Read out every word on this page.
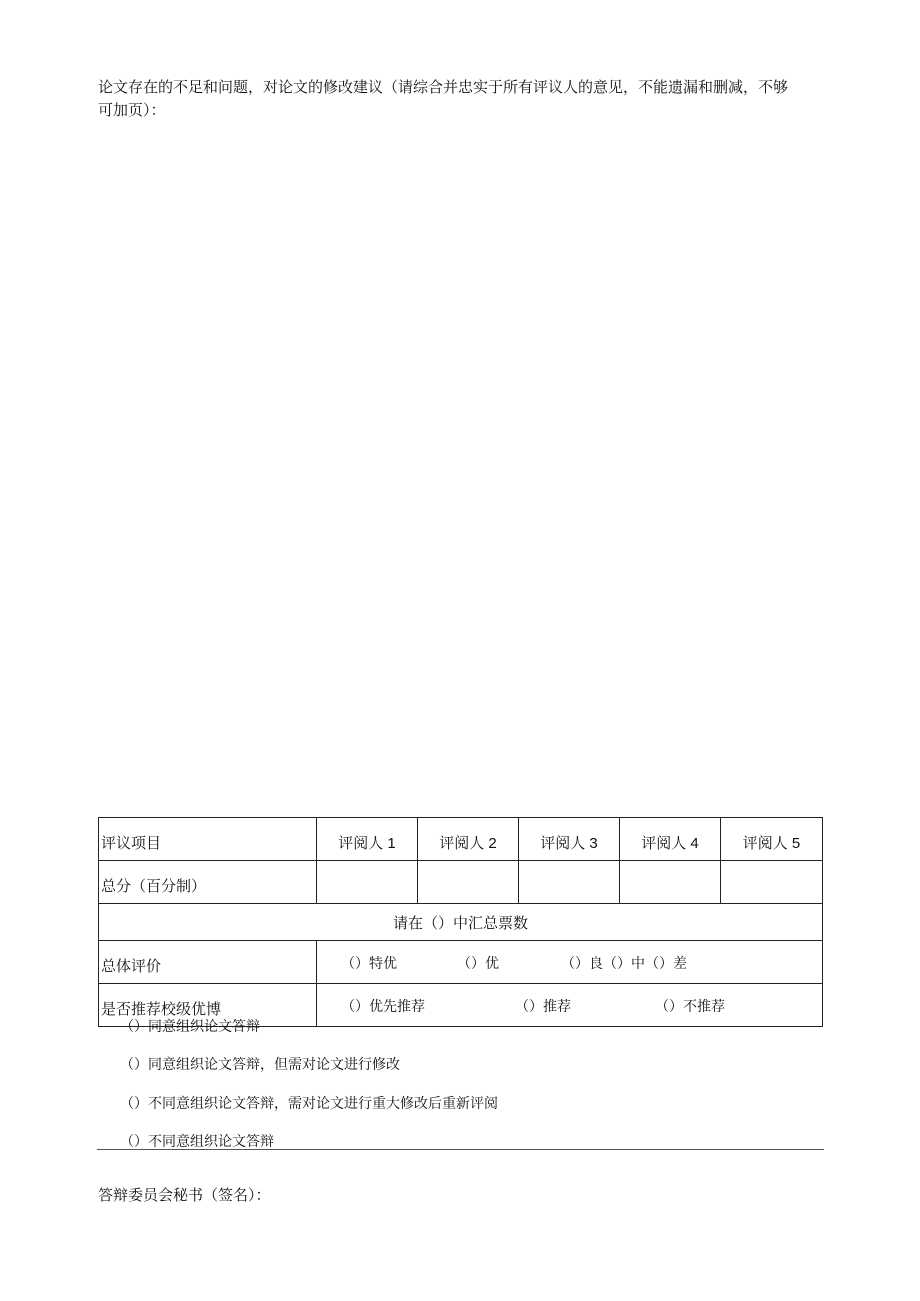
论文存在的不足和问题，对论文的修改建议（请综合并忠实于所有评议人的意见，不能遗漏和删减，不够
可加页）：
评议项目	评阅人 1	评阅人 2	评阅人 3	评阅人 4	评阅人 5
总分（百分制）					
请在（）中汇总票数					
总体评价	（）特优 （）优 （）良（）中（）差				

是否推荐校级优博	（）优先推荐 （）推荐 （）不推荐				
（）同意组织论文答辩
（）同意组织论文答辩，但需对论文进行修改
（）不同意组织论文答辩，需对论文进行重大修改后重新评阅
（）不同意组织论文答辩
答辩委员会秘书（签名）：
